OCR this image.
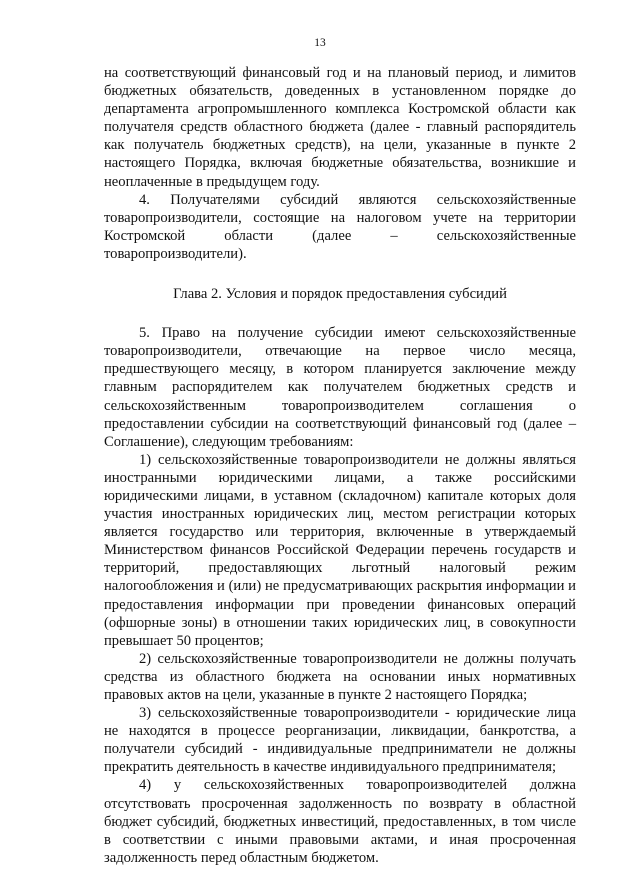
13

на соответствующий финансовый год и на плановый период, и лимитов бюджетных обязательств, доведенных в установленном порядке до департамента агропромышленного комплекса Костромской области как получателя средств областного бюджета (далее - главный распорядитель как получатель бюджетных средств), на цели, указанные в пункте 2 настоящего Порядка, включая бюджетные обязательства, возникшие и неоплаченные в предыдущем году.

4. Получателями субсидий являются сельскохозяйственные товаропроизводители, состоящие на налоговом учете на территории Костромской области (далее – сельскохозяйственные товаропроизводители).

Глава 2. Условия и порядок предоставления субсидий

5. Право на получение субсидии имеют сельскохозяйственные товаропроизводители, отвечающие на первое число месяца, предшествующего месяцу, в котором планируется заключение между главным распорядителем как получателем бюджетных средств и сельскохозяйственным товаропроизводителем соглашения о предоставлении субсидии на соответствующий финансовый год (далее – Соглашение), следующим требованиям:

1) сельскохозяйственные товаропроизводители не должны являться иностранными юридическими лицами, а также российскими юридическими лицами, в уставном (складочном) капитале которых доля участия иностранных юридических лиц, местом регистрации которых является государство или территория, включенные в утверждаемый Министерством финансов Российской Федерации перечень государств и территорий, предоставляющих льготный налоговый режим налогообложения и (или) не предусматривающих раскрытия информации и предоставления информации при проведении финансовых операций (офшорные зоны) в отношении таких юридических лиц, в совокупности превышает 50 процентов;

2) сельскохозяйственные товаропроизводители не должны получать средства из областного бюджета на основании иных нормативных правовых актов на цели, указанные в пункте 2 настоящего Порядка;

3) сельскохозяйственные товаропроизводители - юридические лица не находятся в процессе реорганизации, ликвидации, банкротства, а получатели субсидий - индивидуальные предприниматели не должны прекратить деятельность в качестве индивидуального предпринимателя;

4) у сельскохозяйственных товаропроизводителей должна отсутствовать просроченная задолженность по возврату в областной бюджет субсидий, бюджетных инвестиций, предоставленных, в том числе в соответствии с иными правовыми актами, и иная просроченная задолженность перед областным бюджетом.
